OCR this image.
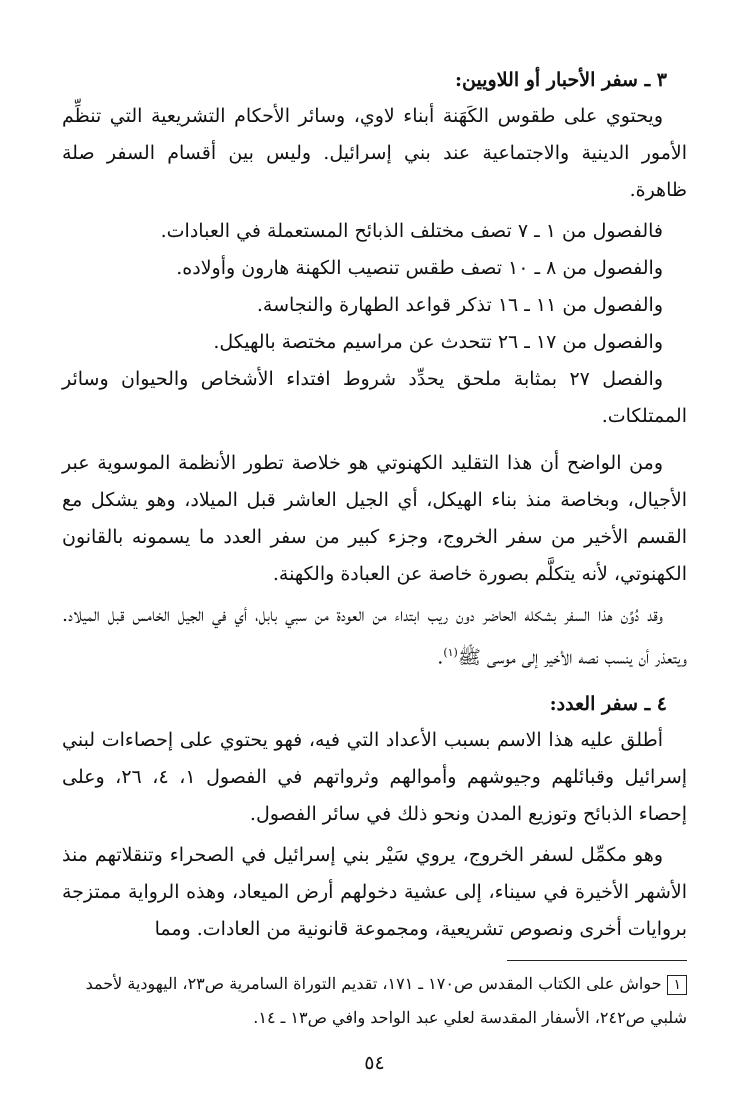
٣ ـ سفر الأحبار أو اللاويين:

ويحتوي على طقوس الكَهَنة أبناء لاوي، وسائر الأحكام التشريعية التي تنظِّم الأمور الدينية والاجتماعية عند بني إسرائيل. وليس بين أقسام السفر صلة ظاهرة.

فالفصول من ١ ـ ٧ تصف مختلف الذبائح المستعملة في العبادات.

والفصول من ٨ ـ ١٠ تصف طقس تنصيب الكهنة هارون وأولاده.

والفصول من ١١ ـ ١٦ تذكر قواعد الطهارة والنجاسة.

والفصول من ١٧ ـ ٢٦ تتحدث عن مراسيم مختصة بالهيكل.

والفصل ٢٧ بمثابة ملحق يحدِّد شروط افتداء الأشخاص والحيوان وسائر الممتلكات.

ومن الواضح أن هذا التقليد الكهنوتي هو خلاصة تطور الأنظمة الموسوية عبر الأجيال، وبخاصة منذ بناء الهيكل، أي الجيل العاشر قبل الميلاد، وهو يشكل مع القسم الأخير من سفر الخروج، وجزء كبير من سفر العدد ما يسمونه بالقانون الكهنوتي، لأنه يتكلَّم بصورة خاصة عن العبادة والكهنة.

وقد دُوِّن هذا السفر بشكله الحاضر دون ريب ابتداء من العودة من سبي بابل، أي في الجيل الخامس قبل الميلاد. ويتعذر أن ينسب نصه الأخير إلى موسى ﷺ$^{(١)}$.

٤ ـ سفر العدد:

أطلق عليه هذا الاسم بسبب الأعداد التي فيه، فهو يحتوي على إحصاءات لبني إسرائيل وقبائلهم وجيوشهم وأموالهم وثرواتهم في الفصول ١، ٤، ٢٦، وعلى إحصاء الذبائح وتوزيع المدن ونحو ذلك في سائر الفصول.

وهو مكمِّل لسفر الخروج، يروي سَيْر بني إسرائيل في الصحراء وتنقلاتهم منذ الأشهر الأخيرة في سيناء، إلى عشية دخولهم أرض الميعاد، وهذه الرواية ممتزجة بروايات أخرى ونصوص تشريعية، ومجموعة قانونية من العادات. ومما

١حواش على الكتاب المقدس ص١٧٠ ـ ١٧١، تقديم التوراة السامرية ص٢٣، اليهودية لأحمد شلبي ص٢٤٢، الأسفار المقدسة لعلي عبد الواحد وافي ص١٣ ـ ١٤.
٥٤
